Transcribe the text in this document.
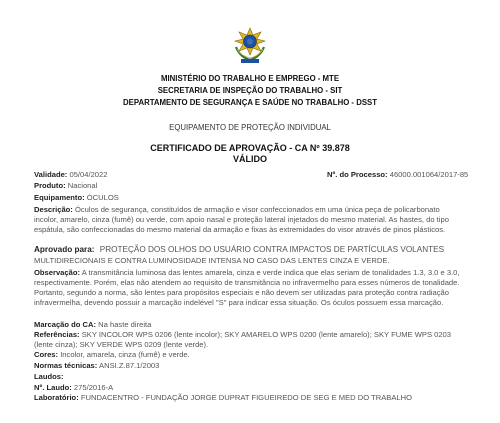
MINISTÉRIO DO TRABALHO E EMPREGO - MTE
SECRETARIA DE INSPEÇÃO DO TRABALHO - SIT
DEPARTAMENTO DE SEGURANÇA E SAÚDE NO TRABALHO - DSST
EQUIPAMENTO DE PROTEÇÃO INDIVIDUAL
CERTIFICADO DE APROVAÇÃO - CA Nº 39.878
VÁLIDO
Validade: 05/04/2022	Nº. do Processo: 46000.001064/2017-85
Produto: Nacional
Equipamento: ÓCULOS
Descrição: Óculos de segurança, constituídos de armação e visor confeccionados em uma única peça de policarbonato
incolor, amarelo, cinza (fumê) ou verde, com apoio nasal e proteção lateral injetados do mesmo material. As hastes, do tipo
espátula, são confeccionadas do mesmo material da armação e fixas às extremidades do visor através de pinos plásticos.
Aprovado para: PROTEÇÃO DOS OLHOS DO USUÁRIO CONTRA IMPACTOS DE PARTÍCULAS VOLANTES
MULTIDIRECIONAIS E CONTRA LUMINOSIDADE INTENSA NO CASO DAS LENTES CINZA E VERDE.
Observação: A transmitância luminosa das lentes amarela, cinza e verde indica que elas seriam de tonalidades 1.3, 3.0 e 3.0,
respectivamente. Porém, elas não atendem ao requisito de transmitância no infravermelho para esses números de tonalidade.
Portanto, segundo a norma, são lentes para propósitos especiais e não devem ser utilizadas para proteção contra radiação
infravermelha, devendo possuir a marcação indelével "S" para indicar essa situação. Os óculos possuem essa marcação.
Marcação do CA: Na haste direita
Referências: SKY INCOLOR WPS 0206 (lente incolor); SKY AMARELO WPS 0200 (lente amarelo); SKY FUME WPS 0203
(lente cinza); SKY VERDE WPS 0209 (lente verde).
Cores: Incolor, amarela, cinza (fumê) e verde.
Normas técnicas: ANSI.Z.87.1/2003
Laudos:
Nº. Laudo: 275/2016-A
Laboratório: FUNDACENTRO - FUNDAÇÃO JORGE DUPRAT FIGUEIREDO DE SEG E MED DO TRABALHO
